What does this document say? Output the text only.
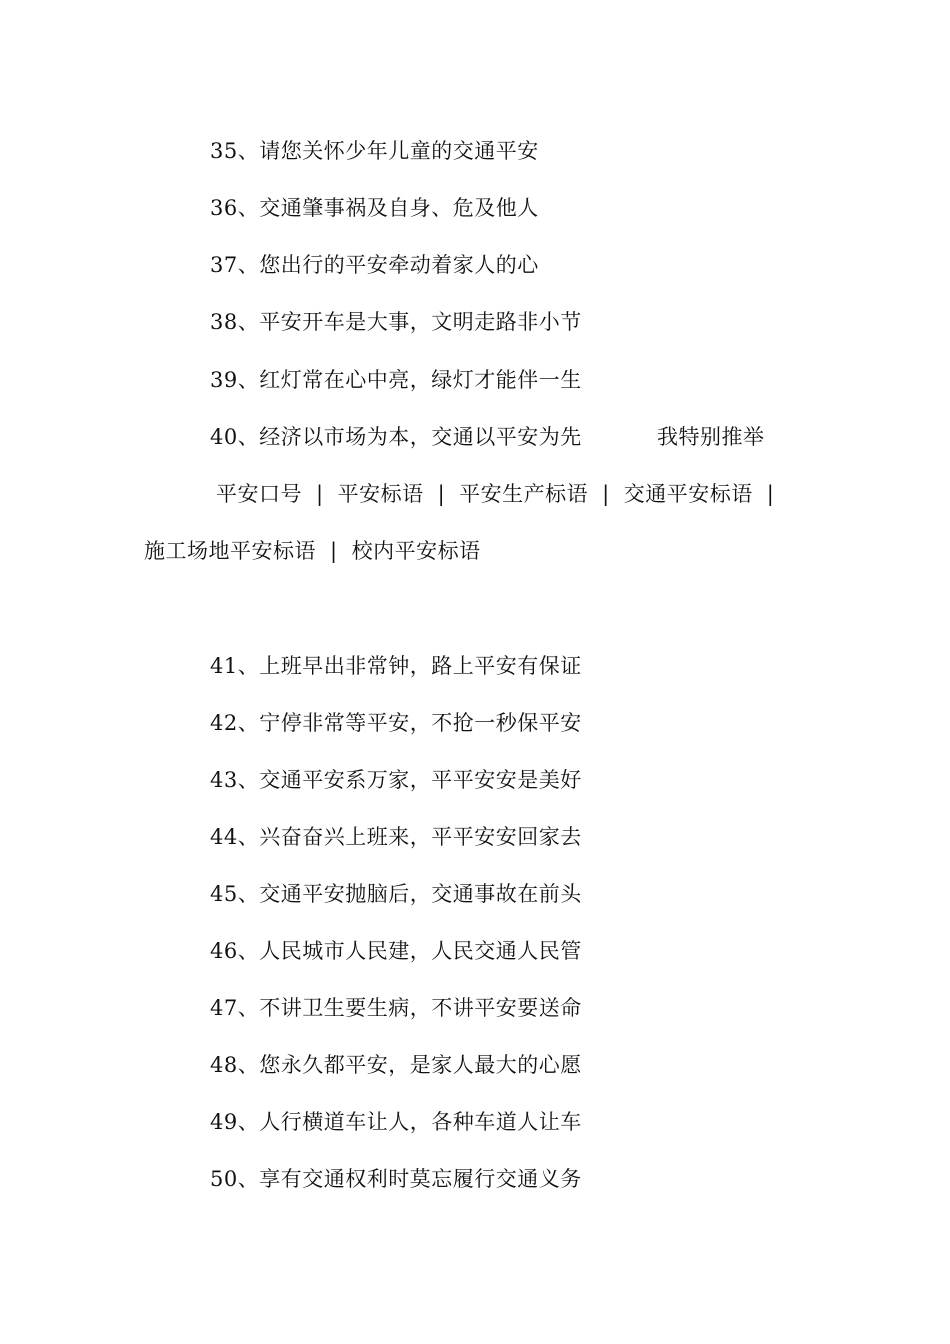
35、请您关怀少年儿童的交通平安
36、交通肇事祸及自身、危及他人
37、您出行的平安牵动着家人的心
38、平安开车是大事，文明走路非小节
39、红灯常在心中亮，绿灯才能伴一生
40、经济以市场为本，交通以平安为先	我特别推举
平安口号 | 平安标语 | 平安生产标语 | 交通平安标语 |
施工场地平安标语 | 校内平安标语
41、上班早出非常钟，路上平安有保证
42、宁停非常等平安，不抢一秒保平安
43、交通平安系万家，平平安安是美好
44、兴奋奋兴上班来，平平安安回家去
45、交通平安抛脑后，交通事故在前头
46、人民城市人民建，人民交通人民管
47、不讲卫生要生病，不讲平安要送命
48、您永久都平安，是家人最大的心愿
49、人行横道车让人，各种车道人让车
50、享有交通权利时莫忘履行交通义务
